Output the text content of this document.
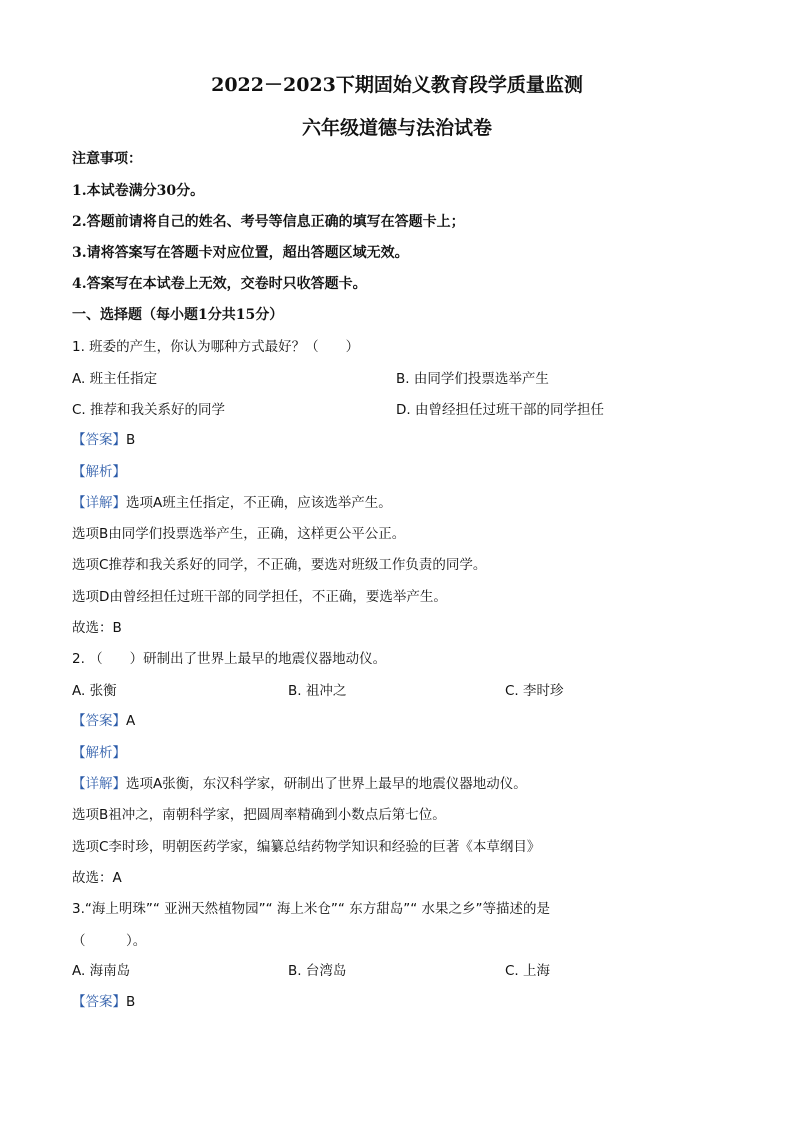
2022－2023下期固始义教育段学质量监测
六年级道德与法治试卷
注意事项：
1.本试卷满分30分。
2.答题前请将自己的姓名、考号等信息正确的填写在答题卡上；
3.请将答案写在答题卡对应位置，超出答题区域无效。
4.答案写在本试卷上无效，交卷时只收答题卡。
一、选择题（每小题1分共15分）
1. 班委的产生，你认为哪种方式最好？（　　）
A. 班主任指定	B. 由同学们投票选举产生
C. 推荐和我关系好的同学	D. 由曾经担任过班干部的同学担任
【答案】B
【解析】
【详解】选项A班主任指定，不正确，应该选举产生。
选项B由同学们投票选举产生，正确，这样更公平公正。
选项C推荐和我关系好的同学，不正确，要选对班级工作负责的同学。
选项D由曾经担任过班干部的同学担任，不正确，要选举产生。
故选：B
2. （　　）研制出了世界上最早的地震仪器地动仪。
A. 张衡	B. 祖冲之	C. 李时珍
【答案】A
【解析】
【详解】选项A张衡，东汉科学家，研制出了世界上最早的地震仪器地动仪。
选项B祖冲之，南朝科学家，把圆周率精确到小数点后第七位。
选项C李时珍，明朝医药学家，编纂总结药物学知识和经验的巨著《本草纲目》
故选：A
3.“海上明珠”“ 亚洲天然植物园”“ 海上米仓”“ 东方甜岛”“ 水果之乡”等描述的是
（　　　）。
A. 海南岛	B. 台湾岛	C. 上海
【答案】B
